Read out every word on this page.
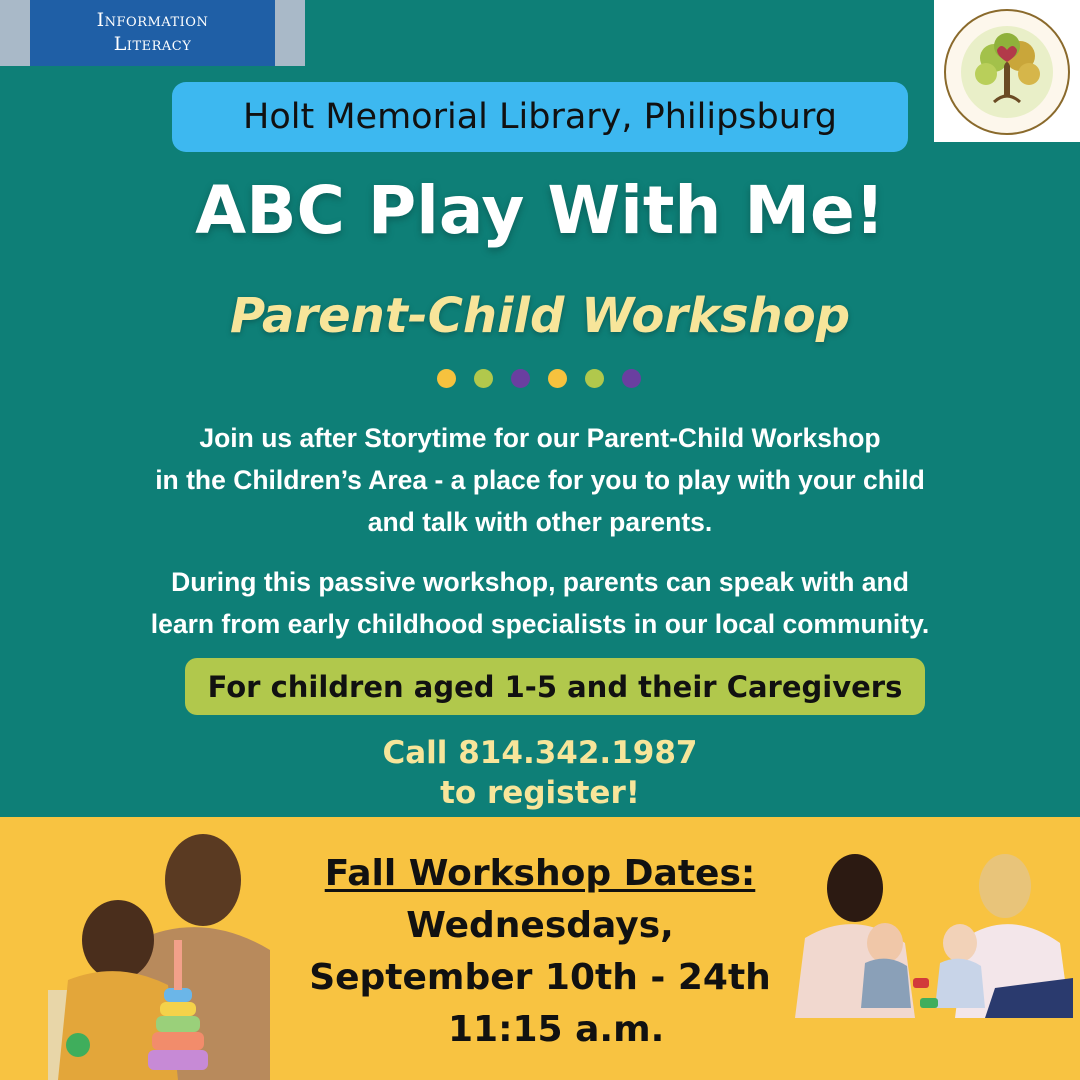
Information
Literacy
Holt Memorial Library, Philipsburg
ABC Play With Me!
Parent-Child Workshop
Join us after Storytime for our Parent-Child Workshop
in the Children’s Area - a place for you to play with your child
and talk with other parents.
During this passive workshop, parents can speak with and
learn from early childhood specialists in our local community.
For children aged 1-5 and their Caregivers
Call 814.342.1987
to register!
Fall Workshop Dates:
Wednesdays,
September 10th - 24th
11:15 a.m.
